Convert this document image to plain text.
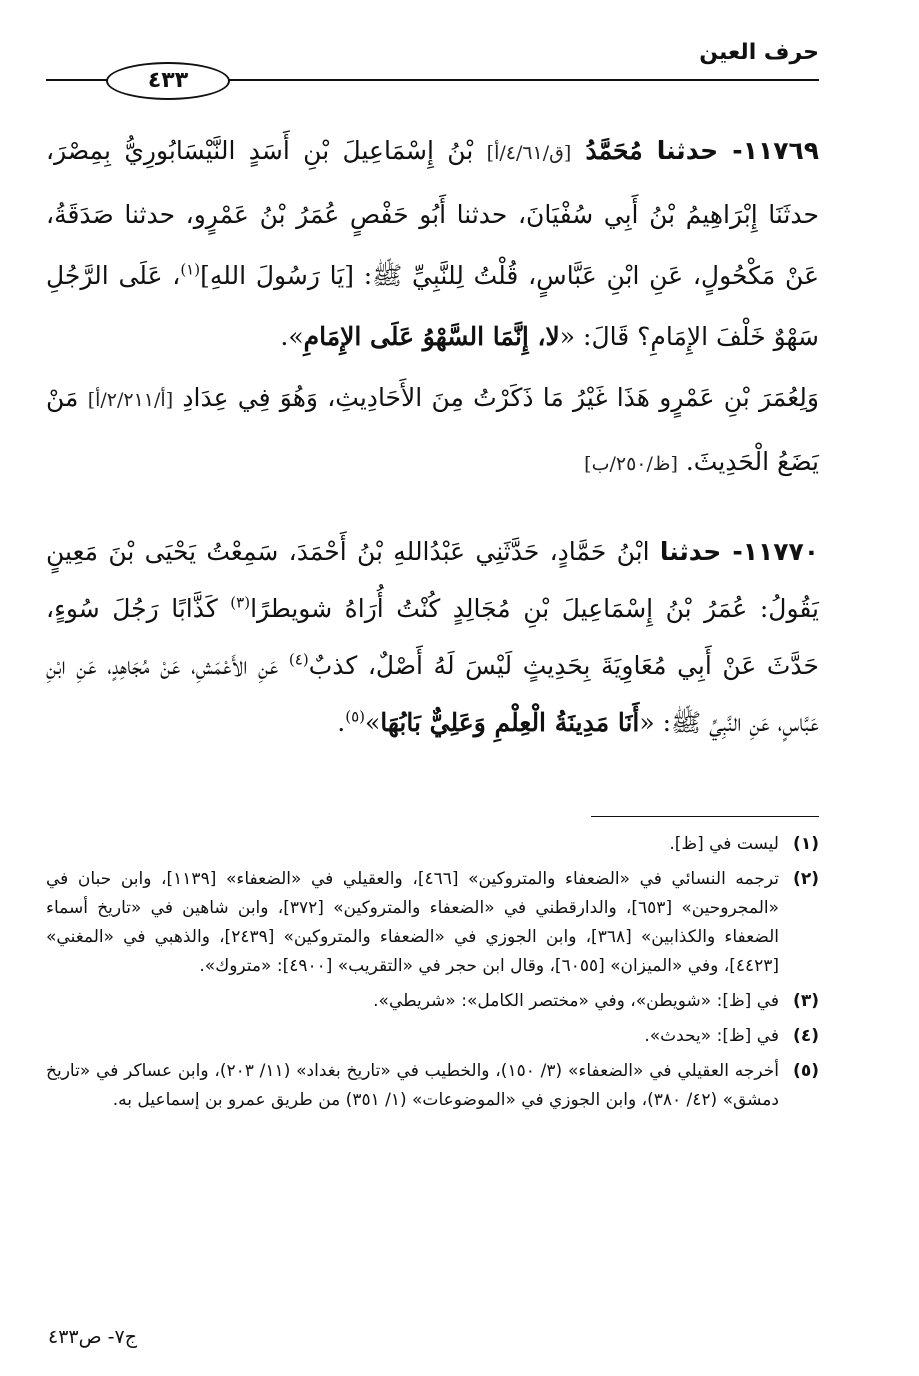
حرف العين
٤٣٣

١١٧٦٩- حدثنا مُحَمَّدُ [ق/٤/٦١/أ] بْنُ إِسْمَاعِيلَ بْنِ أَسَدٍ النَّيْسَابُورِيُّ بِمِصْرَ، حدثَنَا إِبْرَاهِيمُ بْنُ أَبِي سُفْيَانَ، حدثنا أَبُو حَفْصٍ عُمَرُ بْنُ عَمْرٍو، حدثنا صَدَقَةُ، عَنْ مَكْحُولٍ، عَنِ ابْنِ عَبَّاسٍ، قُلْتُ لِلنَّبِيِّ ﷺ: [يَا رَسُولَ اللهِ]$^{(١)}$، عَلَى الرَّجُلِ سَهْوٌ خَلْفَ الإِمَامِ؟ قَالَ: «لا، إِنَّمَا السَّهْوُ عَلَى الإِمَامِ».

وَلِعُمَرَ بْنِ عَمْرٍو هَذَا غَيْرُ مَا ذَكَرْتُ مِنَ الأَحَادِيثِ، وَهُوَ فِي عِدَادِ [أ/٢/٢١١/أ] مَنْ يَضَعُ الْحَدِيثَ. [ظ/٢٥٠/ب]

١١٧٧٠- حدثنا ابْنُ حَمَّادٍ، حَدَّثَنِي عَبْدُاللهِ بْنُ أَحْمَدَ، سَمِعْتُ يَحْيَى بْنَ مَعِينٍ يَقُولُ: عُمَرُ بْنُ إِسْمَاعِيلَ بْنِ مُجَالِدٍ كُنْتُ أُرَاهُ شويطرًا$^{(٣)}$ كَذَّابًا رَجُلَ سُوءٍ، حَدَّثَ عَنْ أَبِي مُعَاوِيَةَ بِحَدِيثٍ لَيْسَ لَهُ أَصْلٌ، كذبٌ$^{(٤)}$ عَنِ الأَعْمَشِ، عَنْ مُجَاهِدٍ، عَنِ ابْنِ عَبَّاسٍ، عَنِ النَّبِيِّ ﷺ: «أَنَا مَدِينَةُ الْعِلْمِ وَعَلِيٌّ بَابُهَا»$^{(٥)}$.

(١)
ليست في [ظ].
(٢)
ترجمه النسائي في «الضعفاء والمتروكين» [٤٦٦]، والعقيلي في «الضعفاء» [١١٣٩]، وابن حبان في «المجروحين» [٦٥٣]، والدارقطني في «الضعفاء والمتروكين» [٣٧٢]، وابن شاهين في «تاريخ أسماء الضعفاء والكذابين» [٣٦٨]، وابن الجوزي في «الضعفاء والمتروكين» [٢٤٣٩]، والذهبي في «المغني» [٤٤٢٣]، وفي «الميزان» [٦٠٥٥]، وقال ابن حجر في «التقريب» [٤٩٠٠]: «متروك».
(٣)
في [ظ]: «شويطن»، وفي «مختصر الكامل»: «شريطي».
(٤)
في [ظ]: «يحدث».
(٥)
أخرجه العقيلي في «الضعفاء» (٣/ ١٥٠)، والخطيب في «تاريخ بغداد» (١١/ ٢٠٣)، وابن عساكر في «تاريخ دمشق» (٤٢/ ٣٨٠)، وابن الجوزي في «الموضوعات» (١/ ٣٥١) من طريق عمرو بن إسماعيل به.
ج٧- ص٤٣٣
